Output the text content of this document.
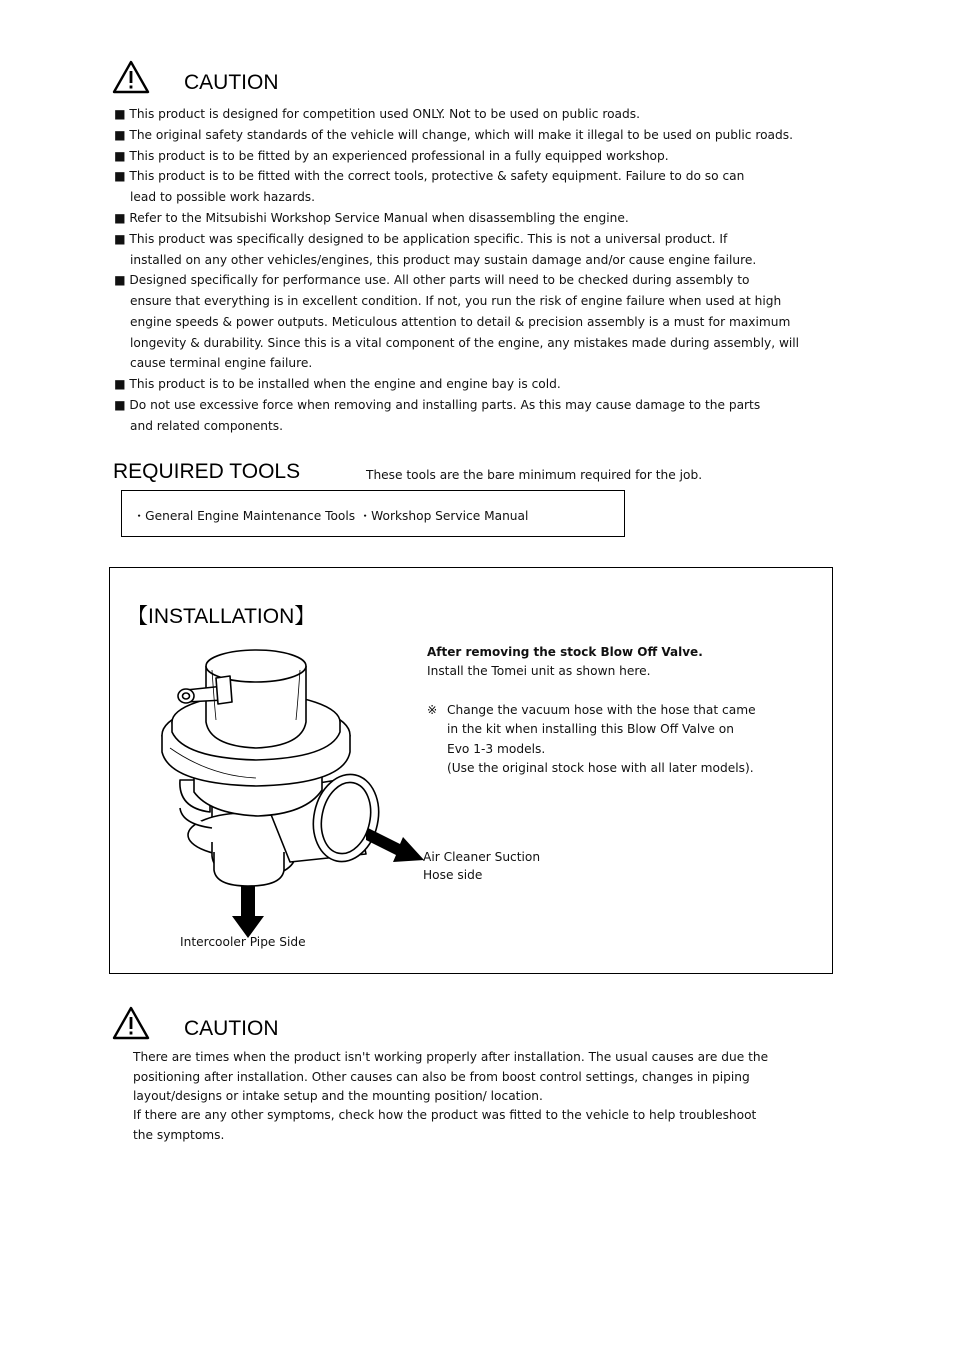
CAUTION
■ This product is designed for competition used ONLY. Not to be used on public roads.
■ The original safety standards of the vehicle will change, which will make it illegal to be used on public roads.
■ This product is to be fitted by an experienced professional in a fully equipped workshop.
■ This product is to be fitted with the correct tools, protective & safety equipment. Failure to do so can
lead to possible work hazards.
■ Refer to the Mitsubishi Workshop Service Manual when disassembling the engine.
■ This product was specifically designed to be application specific. This is not a universal product. If
installed on any other vehicles/engines, this product may sustain damage and/or cause engine failure.
■ Designed specifically for performance use. All other parts will need to be checked during assembly to
ensure that everything is in excellent condition. If not, you run the risk of engine failure when used at high
engine speeds & power outputs. Meticulous attention to detail & precision assembly is a must for maximum
longevity & durability. Since this is a vital component of the engine, any mistakes made during assembly, will
cause terminal engine failure.
■ This product is to be installed when the engine and engine bay is cold.
■ Do not use excessive force when removing and installing parts. As this may cause damage to the parts
and related components.
REQUIRED TOOLS	These tools are the bare minimum required for the job.
・General Engine Maintenance Tools ・Workshop Service Manual
【INSTALLATION】
After removing the stock Blow Off Valve.
Install the Tomei unit as shown here.
※ Change the vacuum hose with the hose that came
in the kit when installing this Blow Off Valve on
Evo 1-3 models.
(Use the original stock hose with all later models).
Air Cleaner Suction
Hose side
Intercooler Pipe Side
CAUTION
There are times when the product isn't working properly after installation. The usual causes are due the
positioning after installation. Other causes can also be from boost control settings, changes in piping
layout/designs or intake setup and the mounting position/ location.
If there are any other symptoms, check how the product was fitted to the vehicle to help troubleshoot
the symptoms.
